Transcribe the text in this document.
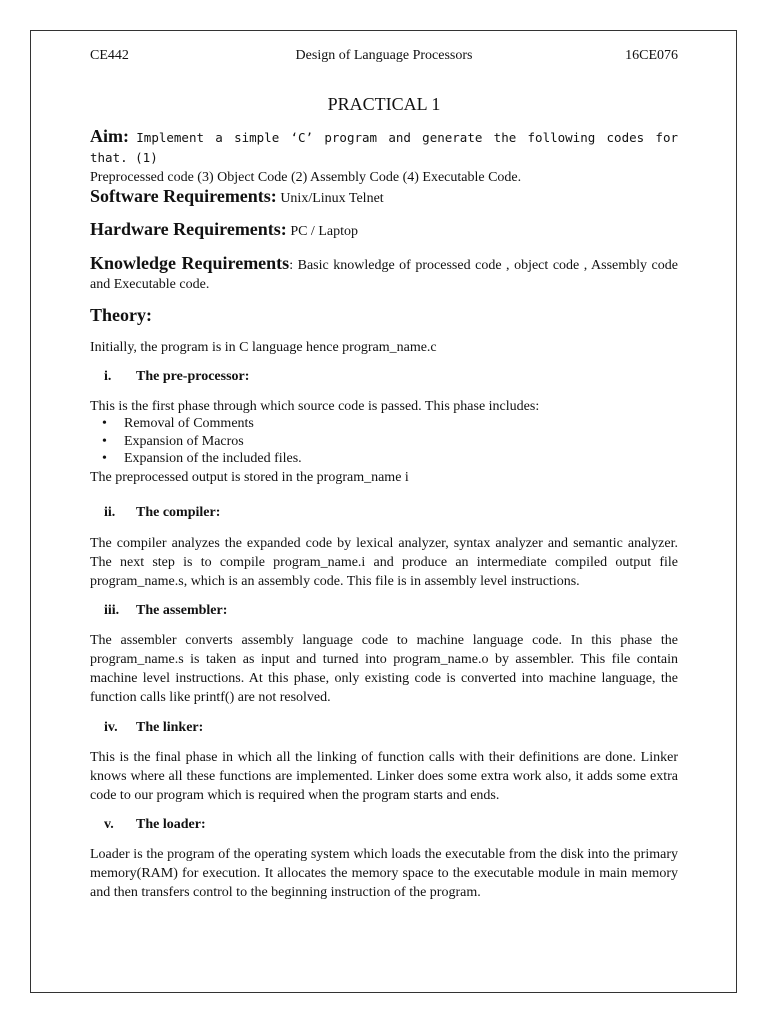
CE442	Design of Language Processors	16CE076
PRACTICAL 1
Aim: Implement a simple ‘C’ program and generate the following codes for that. (1)
Preprocessed code (3) Object Code (2) Assembly Code (4) Executable Code.
Software Requirements: Unix/Linux Telnet
Hardware Requirements: PC / Laptop
Knowledge Requirements: Basic knowledge of processed code , object code , Assembly code and Executable code.
Theory:
Initially, the program is in C language hence program_name.c
i. The pre-processor:
This is the first phase through which source code is passed. This phase includes:
• Removal of Comments
• Expansion of Macros
• Expansion of the included files.
The preprocessed output is stored in the program_name i
ii. The compiler:
The compiler analyzes the expanded code by lexical analyzer, syntax analyzer and semantic analyzer. The next step is to compile program_name.i and produce an intermediate compiled output file program_name.s, which is an assembly code. This file is in assembly level instructions.
iii. The assembler:
The assembler converts assembly language code to machine language code. In this phase the program_name.s is taken as input and turned into program_name.o by assembler. This file contain machine level instructions. At this phase, only existing code is converted into machine language, the function calls like printf() are not resolved.
iv. The linker:
This is the final phase in which all the linking of function calls with their definitions are done. Linker knows where all these functions are implemented. Linker does some extra work also, it adds some extra code to our program which is required when the program starts and ends.
v. The loader:
Loader is the program of the operating system which loads the executable from the disk into the primary memory(RAM) for execution. It allocates the memory space to the executable module in main memory and then transfers control to the beginning instruction of the program.
